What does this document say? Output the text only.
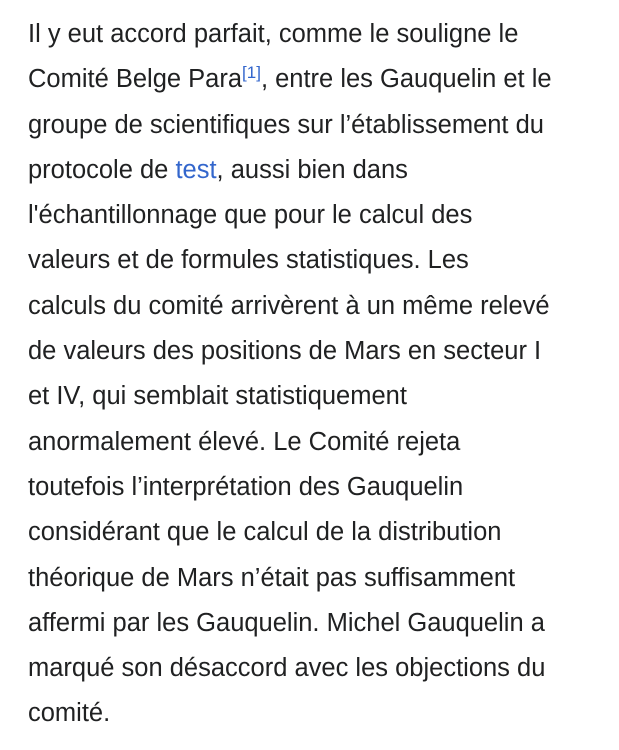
Il y eut accord parfait, comme le souligne le
Comité Belge Para[1], entre les Gauquelin et le
groupe de scientifiques sur l’établissement du
protocole de test, aussi bien dans
l'échantillonnage que pour le calcul des
valeurs et de formules statistiques. Les
calculs du comité arrivèrent à un même relevé
de valeurs des positions de Mars en secteur I
et IV, qui semblait statistiquement
anormalement élevé. Le Comité rejeta
toutefois l’interprétation des Gauquelin
considérant que le calcul de la distribution
théorique de Mars n’était pas suffisamment
affermi par les Gauquelin. Michel Gauquelin a
marqué son désaccord avec les objections du
comité.
